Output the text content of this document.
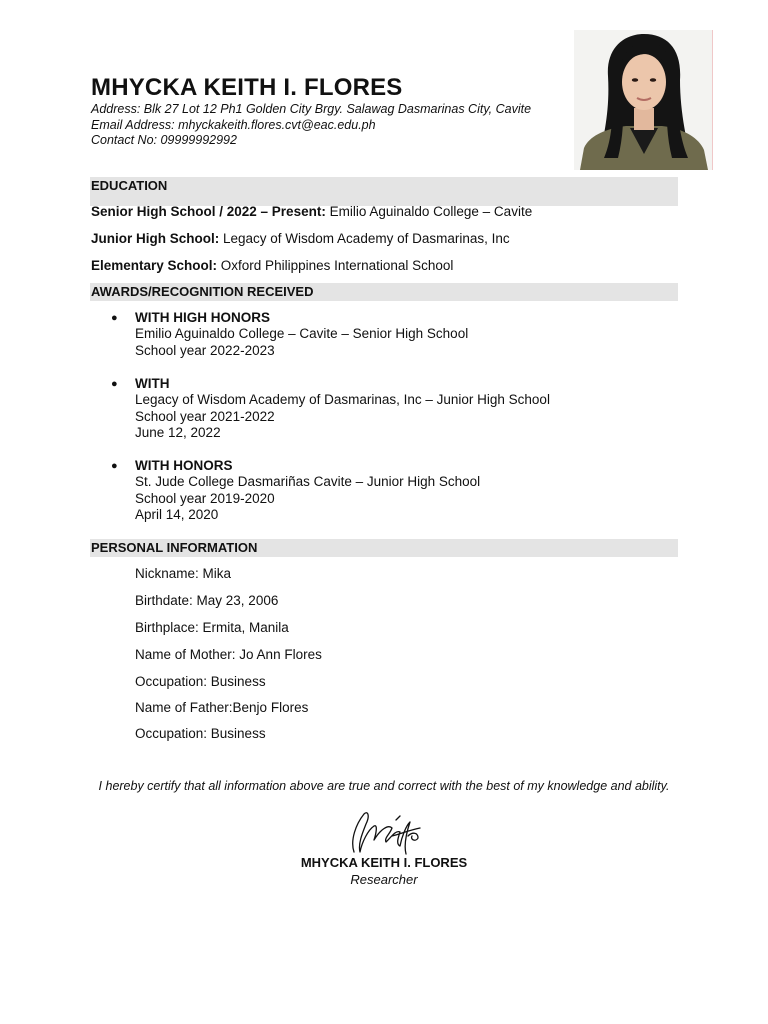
MHYCKA KEITH I. FLORES
Address: Blk 27 Lot 12 Ph1 Golden City Brgy. Salawag Dasmarinas City, Cavite
Email Address: mhyckakeith.flores.cvt@eac.edu.ph
Contact No: 09999992992
EDUCATION
Senior High School / 2022 – Present: Emilio Aguinaldo College – Cavite
Junior High School: Legacy of Wisdom Academy of Dasmarinas, Inc
Elementary School: Oxford Philippines International School
AWARDS/RECOGNITION RECEIVED
● WITH HIGH HONORS
Emilio Aguinaldo College – Cavite – Senior High School
School year 2022-2023
● WITH
Legacy of Wisdom Academy of Dasmarinas, Inc – Junior High School
School year 2021-2022
June 12, 2022
● WITH HONORS
St. Jude College Dasmariñas Cavite – Junior High School
School year 2019-2020
April 14, 2020
PERSONAL INFORMATION
Nickname: Mika
Birthdate: May 23, 2006
Birthplace: Ermita, Manila
Name of Mother: Jo Ann Flores
Occupation: Business
Name of Father:Benjo Flores
Occupation: Business
I hereby certify that all information above are true and correct with the best of my knowledge and ability.
MHYCKA KEITH I. FLORES
Researcher
